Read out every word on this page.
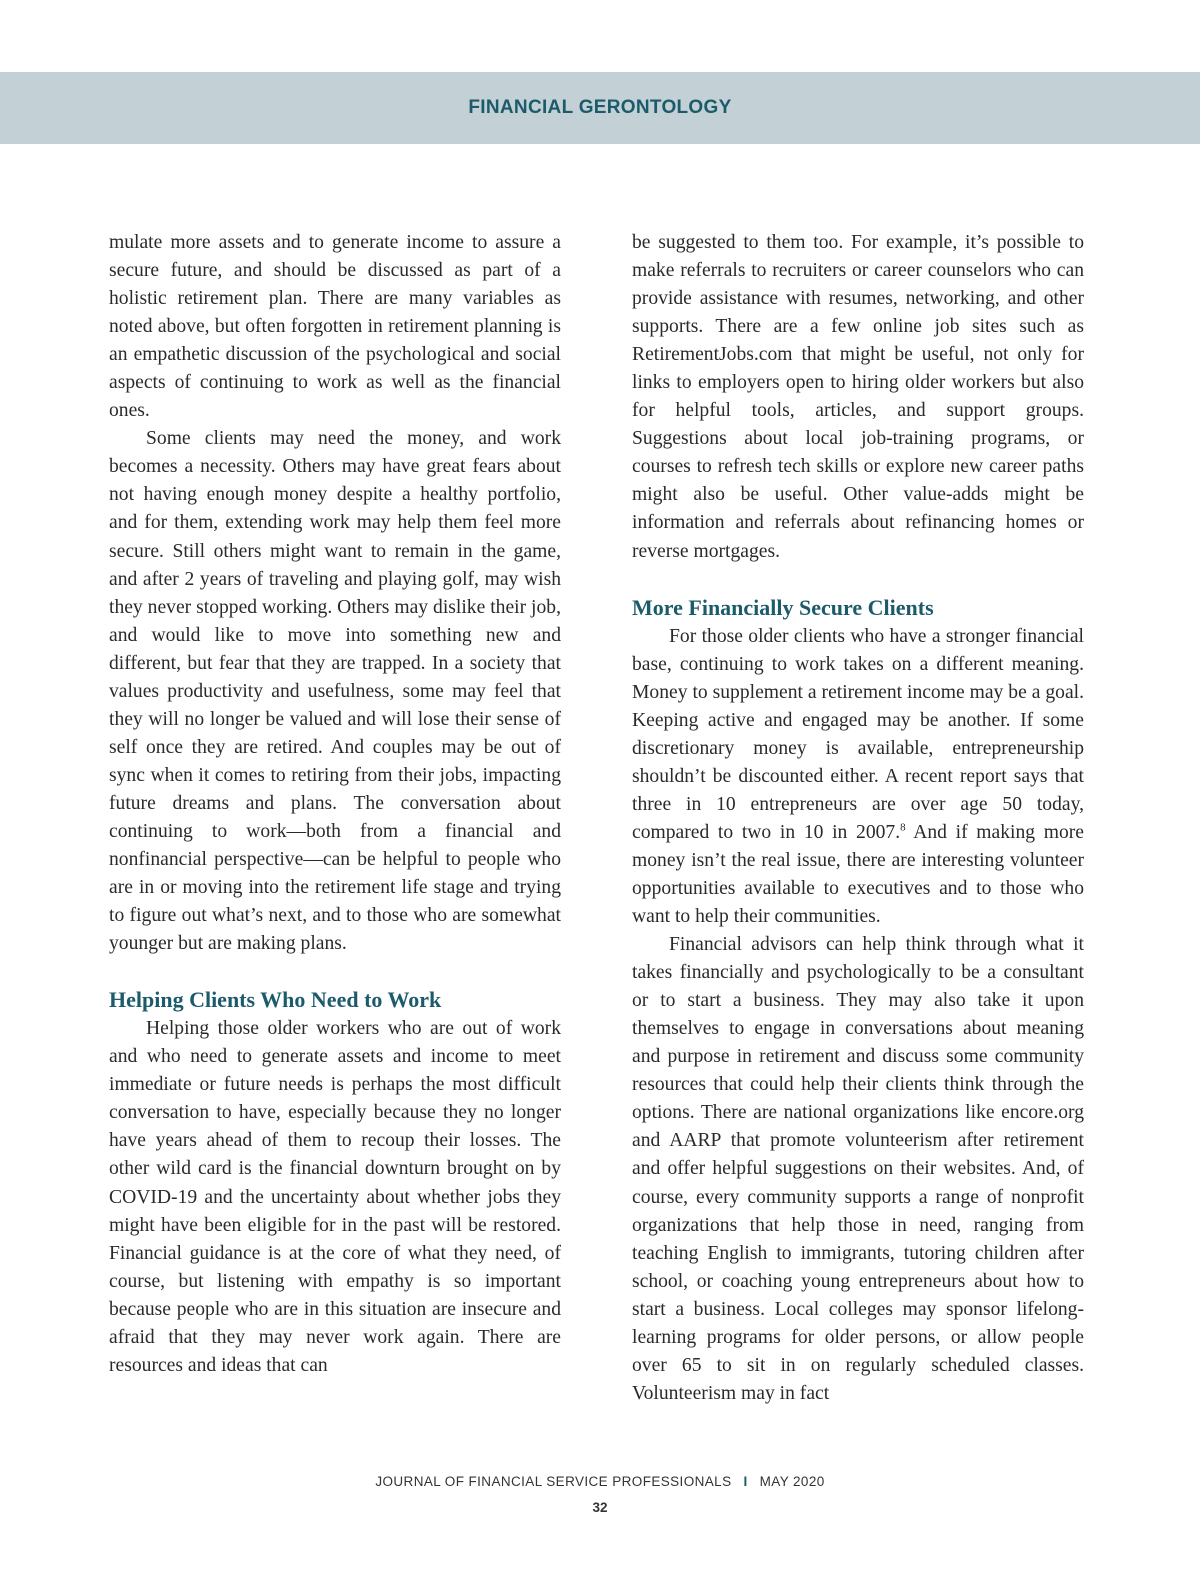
FINANCIAL GERONTOLOGY

mulate more assets and to generate income to assure a secure future, and should be discussed as part of a holistic retirement plan. There are many variables as noted above, but often forgotten in retirement planning is an empathetic discussion of the psychological and social aspects of continuing to work as well as the financial ones.

Some clients may need the money, and work becomes a necessity. Others may have great fears about not having enough money despite a healthy portfolio, and for them, extending work may help them feel more secure. Still others might want to remain in the game, and after 2 years of traveling and playing golf, may wish they never stopped working. Others may dislike their job, and would like to move into something new and different, but fear that they are trapped. In a society that values productivity and usefulness, some may feel that they will no longer be valued and will lose their sense of self once they are retired. And couples may be out of sync when it comes to retiring from their jobs, impacting future dreams and plans. The conversation about continuing to work—both from a financial and nonfinancial perspective—can be helpful to people who are in or moving into the retirement life stage and trying to figure out what’s next, and to those who are somewhat younger but are making plans.

Helping Clients Who Need to Work

Helping those older workers who are out of work and who need to generate assets and income to meet immediate or future needs is perhaps the most difficult conversation to have, especially because they no longer have years ahead of them to recoup their losses. The other wild card is the financial downturn brought on by COVID-19 and the uncertainty about whether jobs they might have been eligible for in the past will be restored. Financial guidance is at the core of what they need, of course, but listening with empathy is so important because people who are in this situation are insecure and afraid that they may never work again. There are resources and ideas that can

be suggested to them too. For example, it’s possible to make referrals to recruiters or career counselors who can provide assistance with resumes, networking, and other supports. There are a few online job sites such as RetirementJobs.com that might be useful, not only for links to employers open to hiring older workers but also for helpful tools, articles, and support groups. Suggestions about local job-training programs, or courses to refresh tech skills or explore new career paths might also be useful. Other value-adds might be information and referrals about refinancing homes or reverse mortgages.

More Financially Secure Clients

For those older clients who have a stronger financial base, continuing to work takes on a different meaning. Money to supplement a retirement income may be a goal. Keeping active and engaged may be another. If some discretionary money is available, entrepreneurship shouldn’t be discounted either. A recent report says that three in 10 entrepreneurs are over age 50 today, compared to two in 10 in 2007.$^8$ And if making more money isn’t the real issue, there are interesting volunteer opportunities available to executives and to those who want to help their communities.

Financial advisors can help think through what it takes financially and psychologically to be a consultant or to start a business. They may also take it upon themselves to engage in conversations about meaning and purpose in retirement and discuss some community resources that could help their clients think through the options. There are national organizations like encore.org and AARP that promote volunteerism after retirement and offer helpful suggestions on their websites. And, of course, every community supports a range of nonprofit organizations that help those in need, ranging from teaching English to immigrants, tutoring children after school, or coaching young entrepreneurs about how to start a business. Local colleges may sponsor lifelong-learning programs for older persons, or allow people over 65 to sit in on regularly scheduled classes. Volunteerism may in fact

JOURNAL OF FINANCIAL SERVICE PROFESSIONALS I MAY 2020
32
